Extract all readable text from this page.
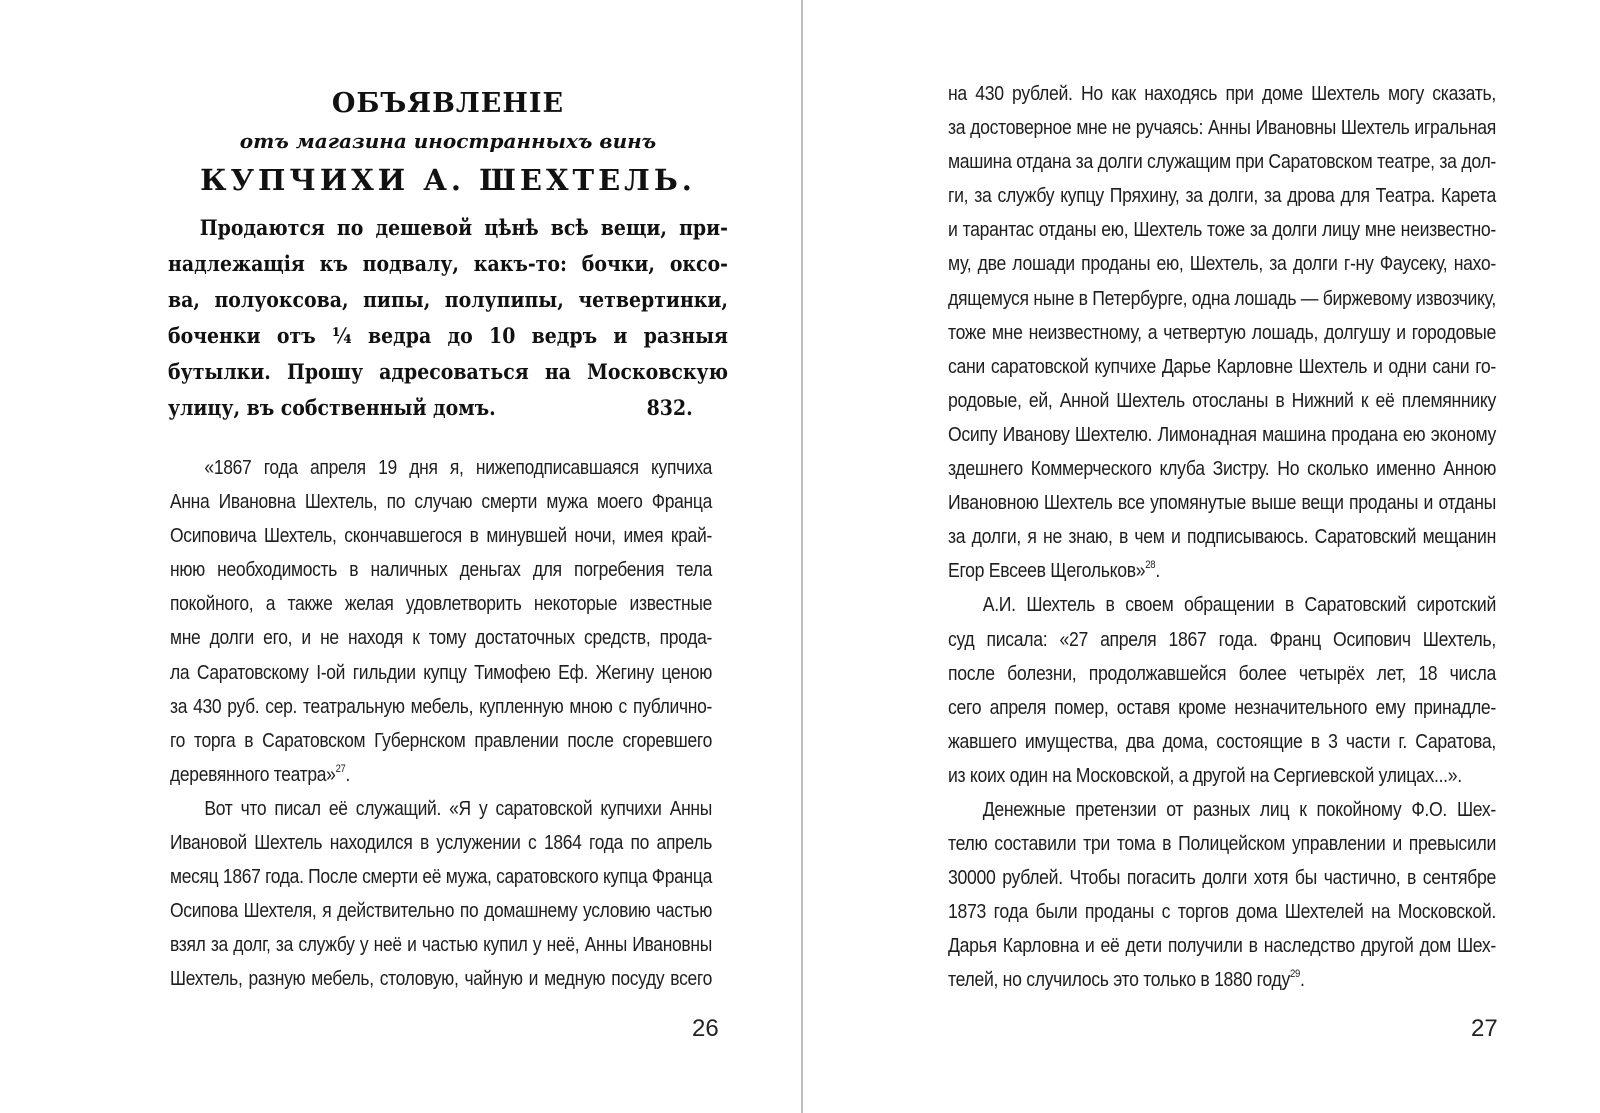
ОБЪЯВЛЕНІЕ
отъ магазина иностранныхъ винъ
КУПЧИХИ А. ШЕХТЕЛЬ.
Продаются по дешевой цѣнѣ всѣ вещи, при-
надлежащія къ подвалу, какъ-то: бочки, оксо-
ва, полуоксова, пипы, полупипы, четвертинки,
боченки отъ ¼ ведра до 10 ведръ и разныя
бутылки. Прошу адресоваться на Московскую
улицу, въ собственный домъ.	832.
«1867 года апреля 19 дня я, нижеподписавшаяся купчиха
Анна Ивановна Шехтель, по случаю смерти мужа моего Франца
Осиповича Шехтель, скончавшегося в минувшей ночи, имея край-
нюю необходимость в наличных деньгах для погребения тела
покойного, а также желая удовлетворить некоторые известные
мне долги его, и не находя к тому достаточных средств, прода-
ла Саратовскому I-ой гильдии купцу Тимофею Еф. Жегину ценою
за 430 руб. сер. театральную мебель, купленную мною с публично-
го торга в Саратовском Губернском правлении после сгоревшего
деревянного театра»$^{27}$.
Вот что писал её служащий. «Я у саратовской купчихи Анны
Ивановой Шехтель находился в услужении с 1864 года по апрель
месяц 1867 года. После смерти её мужа, саратовского купца Франца
Осипова Шехтеля, я действительно по домашнему условию частью
взял за долг, за службу у неё и частью купил у неё, Анны Ивановны
Шехтель, разную мебель, столовую, чайную и медную посуду всего
26
на 430 рублей. Но как находясь при доме Шехтель могу сказать,
за достоверное мне не ручаясь: Анны Ивановны Шехтель игральная
машина отдана за долги служащим при Саратовском театре, за дол-
ги, за службу купцу Пряхину, за долги, за дрова для Театра. Карета
и тарантас отданы ею, Шехтель тоже за долги лицу мне неизвестно-
му, две лошади проданы ею, Шехтель, за долги г-ну Фаусеку, нахо-
дящемуся ныне в Петербурге, одна лошадь — биржевому извозчику,
тоже мне неизвестному, а четвертую лошадь, долгушу и городовые
сани саратовской купчихе Дарье Карловне Шехтель и одни сани го-
родовые, ей, Анной Шехтель отосланы в Нижний к её племяннику
Осипу Иванову Шехтелю. Лимонадная машина продана ею эконому
здешнего Коммерческого клуба Зистру. Но сколько именно Анною
Ивановною Шехтель все упомянутые выше вещи проданы и отданы
за долги, я не знаю, в чем и подписываюсь. Саратовский мещанин
Егор Евсеев Щегольков»$^{28}$.
А.И. Шехтель в своем обращении в Саратовский сиротский
суд писала: «27 апреля 1867 года. Франц Осипович Шехтель,
после болезни, продолжавшейся более четырёх лет, 18 числа
сего апреля помер, оставя кроме незначительного ему принадле-
жавшего имущества, два дома, состоящие в 3 части г. Саратова,
из коих один на Московской, а другой на Сергиевской улицах...».
Денежные претензии от разных лиц к покойному Ф.О. Шех-
телю составили три тома в Полицейском управлении и превысили
30000 рублей. Чтобы погасить долги хотя бы частично, в сентябре
1873 года были проданы с торгов дома Шехтелей на Московской.
Дарья Карловна и её дети получили в наследство другой дом Шех-
телей, но случилось это только в 1880 году$^{29}$.
27
